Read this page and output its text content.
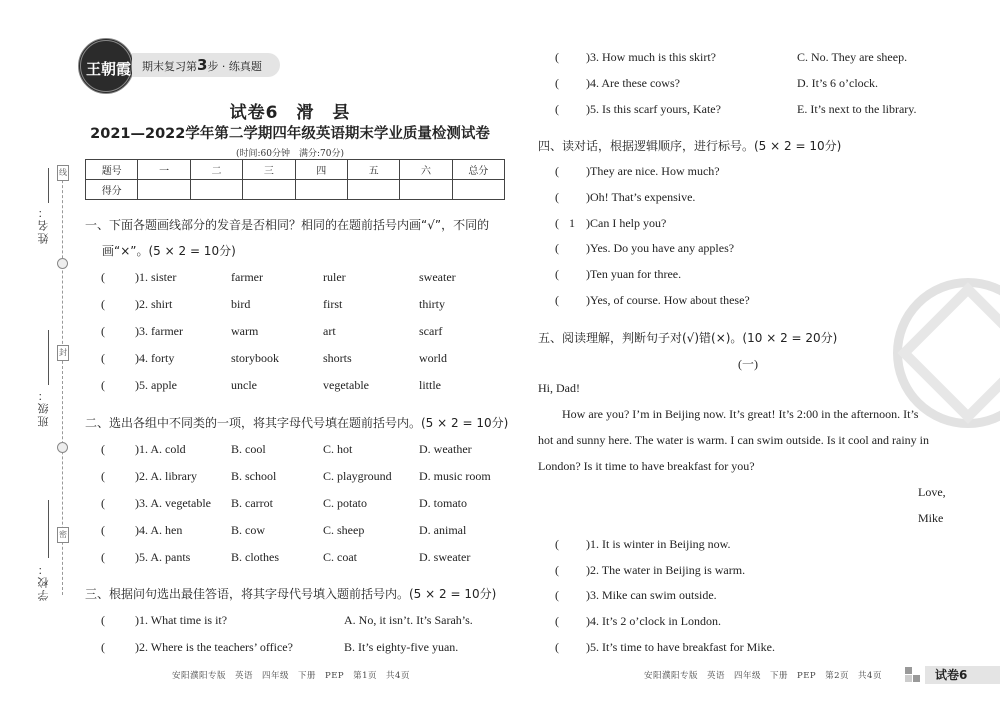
线
姓名：
封
班级：
密
学校：
王朝霞 期末复习第3步 · 练真题
试卷6　滑　县
2021—2022学年第二学期四年级英语期末学业质量检测试卷
(时间:60分钟　满分:70分)
题号	一	二	三	四	五	六	总分
得分							
一、下面各题画线部分的发音是否相同？相同的在题前括号内画“√”，不同的
画“×”。(5 × 2 = 10分)
(	)1. sister	farmer	ruler	sweater
(	)2. shirt	bird	first	thirty
(	)3. farmer	warm	art	scarf
(	)4. forty	storybook	shorts	world
(	)5. apple	uncle	vegetable	little
二、选出各组中不同类的一项，将其字母代号填在题前括号内。(5 × 2 = 10分)
(	)1. A. cold	B. cool	C. hot	D. weather
(	)2. A. library	B. school	C. playground D. music room
(	)3. A. vegetable B. carrot	C. potato	D. tomato
(	)4. A. hen	B. cow	C. sheep	D. animal
(	)5. A. pants	B. clothes	C. coat	D. sweater
三、根据问句选出最佳答语，将其字母代号填入题前括号内。(5 × 2 = 10分)
(	)1. What time is it?	A. No, it isn’t. It’s Sarah’s.
(	)2. Where is the teachers’ office?	B. It’s eighty-five yuan.
( )3. How much is this skirt?	C. No. They are sheep.
( )4. Are these cows?	D. It’s 6 o’clock.
( )5. Is this scarf yours, Kate?	E. It’s next to the library.
四、读对话，根据逻辑顺序，进行标号。(5 × 2 = 10分)
( )They are nice. How much?
( )Oh! That’s expensive.
( 1 )Can I help you?
( )Yes. Do you have any apples?
( )Ten yuan for three.
( )Yes, of course. How about these?
五、阅读理解，判断句子对(√)错(×)。(10 × 2 = 20分)
(一)
Hi, Dad!
How are you? I’m in Beijing now. It’s great! It’s 2:00 in the afternoon. It’s
hot and sunny here. The water is warm. I can swim outside. Is it cool and rainy in
London? Is it time to have breakfast for you?
Love,
Mike
( )1. It is winter in Beijing now.
( )2. The water in Beijing is warm.
( )3. Mike can swim outside.
( )4. It’s 2 o’clock in London.
( )5. It’s time to have breakfast for Mike.
安阳濮阳专版　英语　四年级　下册　PEP　第1页　共4页	安阳濮阳专版　英语　四年级　下册　PEP　第2页　共4页	试卷6
